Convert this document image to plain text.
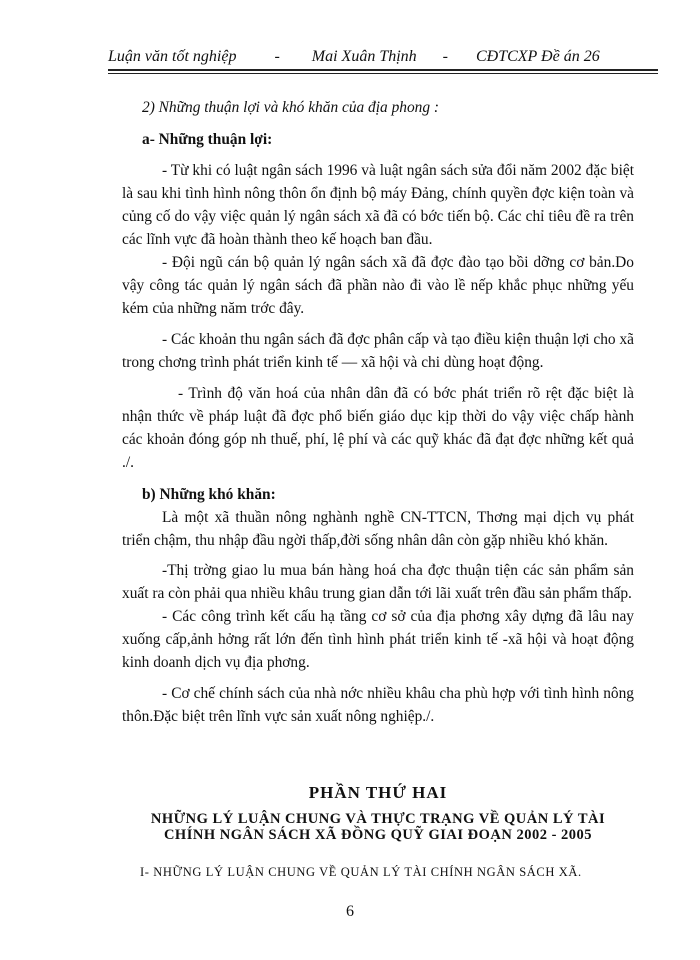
Luận văn tốt nghiệp - Mai Xuân Thịnh - CĐTCXP Đề án 26

2) Những thuận lợi và khó khăn của địa phong :

a- Những thuận lợi:

- Từ khi có luật ngân sách 1996 và luật ngân sách sửa đổi năm 2002 đặc biệt là sau khi tình hình nông thôn ổn định bộ máy Đảng, chính quyền đợc kiện toàn và củng cố do vậy việc quản lý ngân sách xã đã có bớc tiến bộ. Các chỉ tiêu đề ra trên các lĩnh vực đã hoàn thành theo kế hoạch ban đầu.

- Đội ngũ cán bộ quản lý ngân sách xã đã đợc đào tạo bồi dỡng cơ bản.Do vậy công tác quản lý ngân sách đã phần nào đi vào lề nếp khắc phục những yếu kém của những năm trớc đây.

- Các khoản thu ngân sách đã đợc phân cấp và tạo điều kiện thuận lợi cho xã trong chơng trình phát triển kinh tế — xã hội và chi dùng hoạt động.

- Trình độ văn hoá của nhân dân đã có bớc phát triển rõ rệt đặc biệt là nhận thức về pháp luật đã đợc phổ biến giáo dục kịp thời do vậy việc chấp hành các khoản đóng góp nh thuế, phí, lệ phí và các quỹ khác đã đạt đợc những kết quả ./.

b) Những khó khăn:

Là một xã thuần nông nghành nghề CN-TTCN, Thơng mại dịch vụ phát triển chậm, thu nhập đầu ngời thấp,đời sống nhân dân còn gặp nhiều khó khăn.

-Thị trờng giao lu mua bán hàng hoá cha đợc thuận tiện các sản phẩm sản xuất ra còn phải qua nhiều khâu trung gian dẫn tới lãi xuất trên đầu sản phẩm thấp.

- Các công trình kết cấu hạ tầng cơ sở của địa phơng xây dựng đã lâu nay xuống cấp,ảnh hởng rất lớn đến tình hình phát triển kinh tế -xã hội và hoạt động kinh doanh dịch vụ địa phơng.

- Cơ chế chính sách của nhà nớc nhiều khâu cha phù hợp với tình hình nông thôn.Đặc biệt trên lĩnh vực sản xuất nông nghiệp./.

PHẦN THỨ HAI

NHỮNG LÝ LUẬN CHUNG VÀ THỰC TRẠNG VỀ QUẢN LÝ TÀI

CHÍNH NGÂN SÁCH XÃ ĐỒNG QUỸ GIAI ĐOẠN 2002 - 2005

I- NHỮNG LÝ LUẬN CHUNG VỀ QUẢN LÝ TÀI CHÍNH NGÂN SÁCH XÃ.

6
